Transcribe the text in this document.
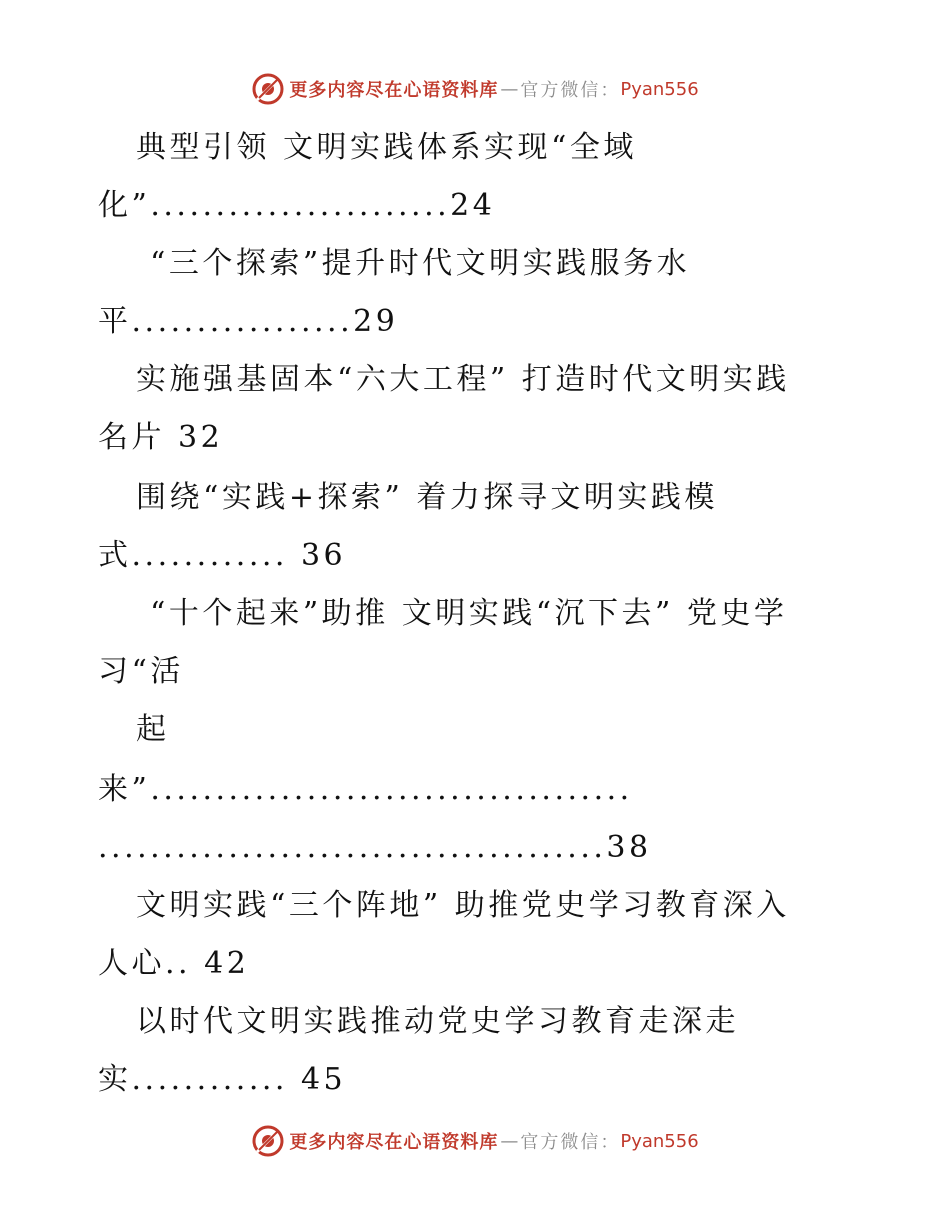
更多内容尽在心语资料库 — 官方微信： Pyan556
典型引领 文明实践体系实现“全域
化”.......................24
“三个探索”提升时代文明实践服务水
平.................29
实施强基固本“六大工程” 打造时代文明实践
名片 32
围绕“实践+探索” 着力探寻文明实践模
式............ 36
“十个起来”助推 文明实践“沉下去” 党史学
习“活
起
来”.....................................
.......................................38
文明实践“三个阵地” 助推党史学习教育深入
人心.. 42
以时代文明实践推动党史学习教育走深走
实............ 45
更多内容尽在心语资料库 — 官方微信： Pyan556
